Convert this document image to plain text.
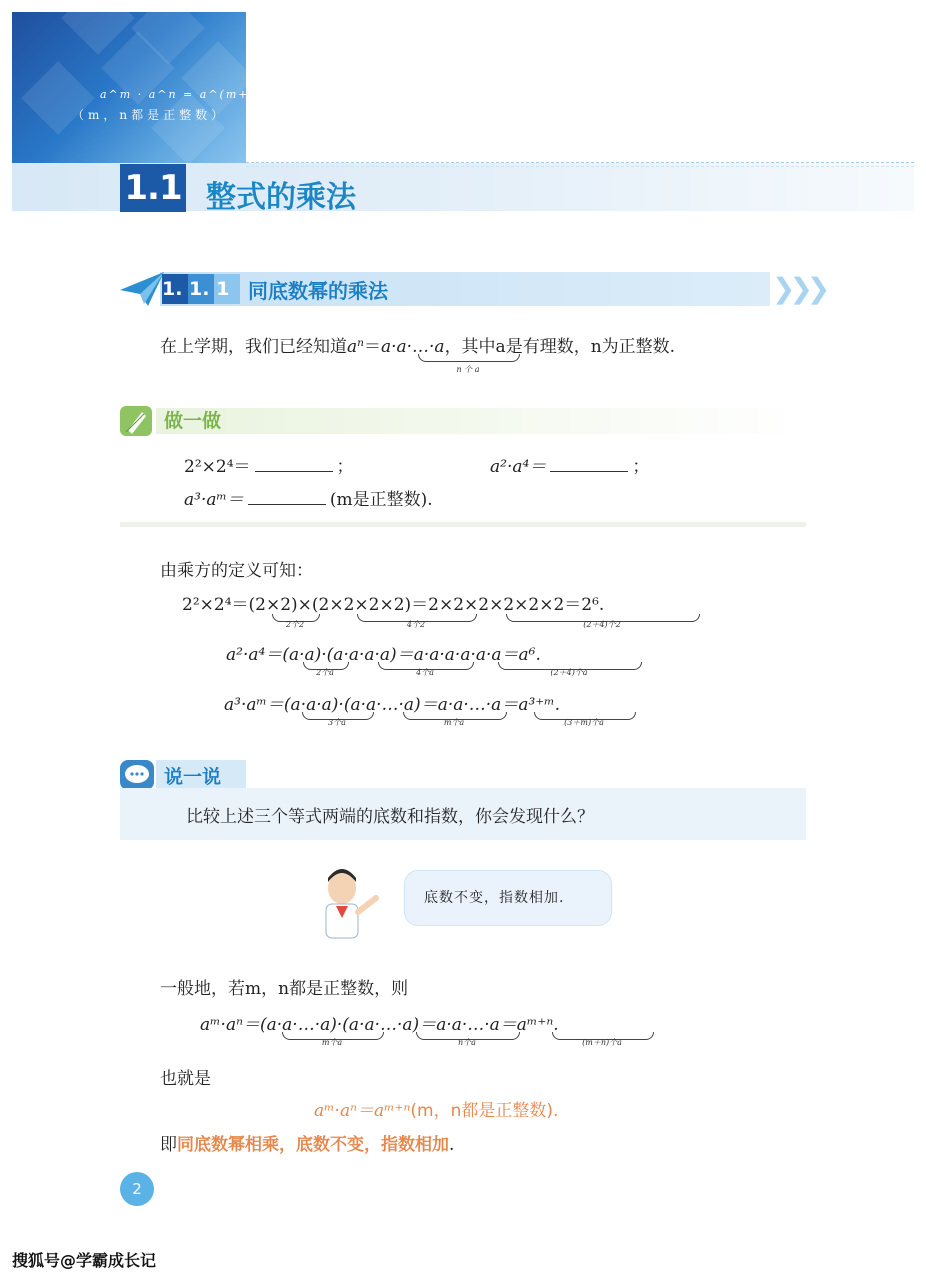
a^m · a^n = a^(m+n)
（m，n都是正整数）
1.1 整式的乘法
1. 1. 1 同底数幂的乘法	❯❯❯
在上学期，我们已经知道$a^n=a\cdot a\cdot\dots\cdot a$，其中a是有理数，n为正整数.
n 个 a
做一做
2²×2⁴＝	；	a²·a⁴＝	；
a³·aᵐ＝	(m是正整数).
由乘方的定义可知：
2²×2⁴＝(2×2)×(2×2×2×2)＝2×2×2×2×2×2＝2⁶.
2个2	4个2	(2＋4)个2
a²·a⁴＝(a·a)·(a·a·a·a)＝a·a·a·a·a·a＝a⁶.
2个a	4个a	(2＋4)个a
a³·aᵐ＝(a·a·a)·(a·a·…·a)＝a·a·…·a＝a³⁺ᵐ.
3个a	m个a	(3＋m)个a
说一说
比较上述三个等式两端的底数和指数，你会发现什么？
底数不变，指数相加.
一般地，若m，n都是正整数，则
aᵐ·aⁿ＝(a·a·…·a)·(a·a·…·a)＝a·a·…·a＝aᵐ⁺ⁿ.
m个a	n个a	(m＋n)个a
也就是
aᵐ·aⁿ＝aᵐ⁺ⁿ(m，n都是正整数).
即同底数幂相乘，底数不变，指数相加.
2
搜狐号@学霸成长记
